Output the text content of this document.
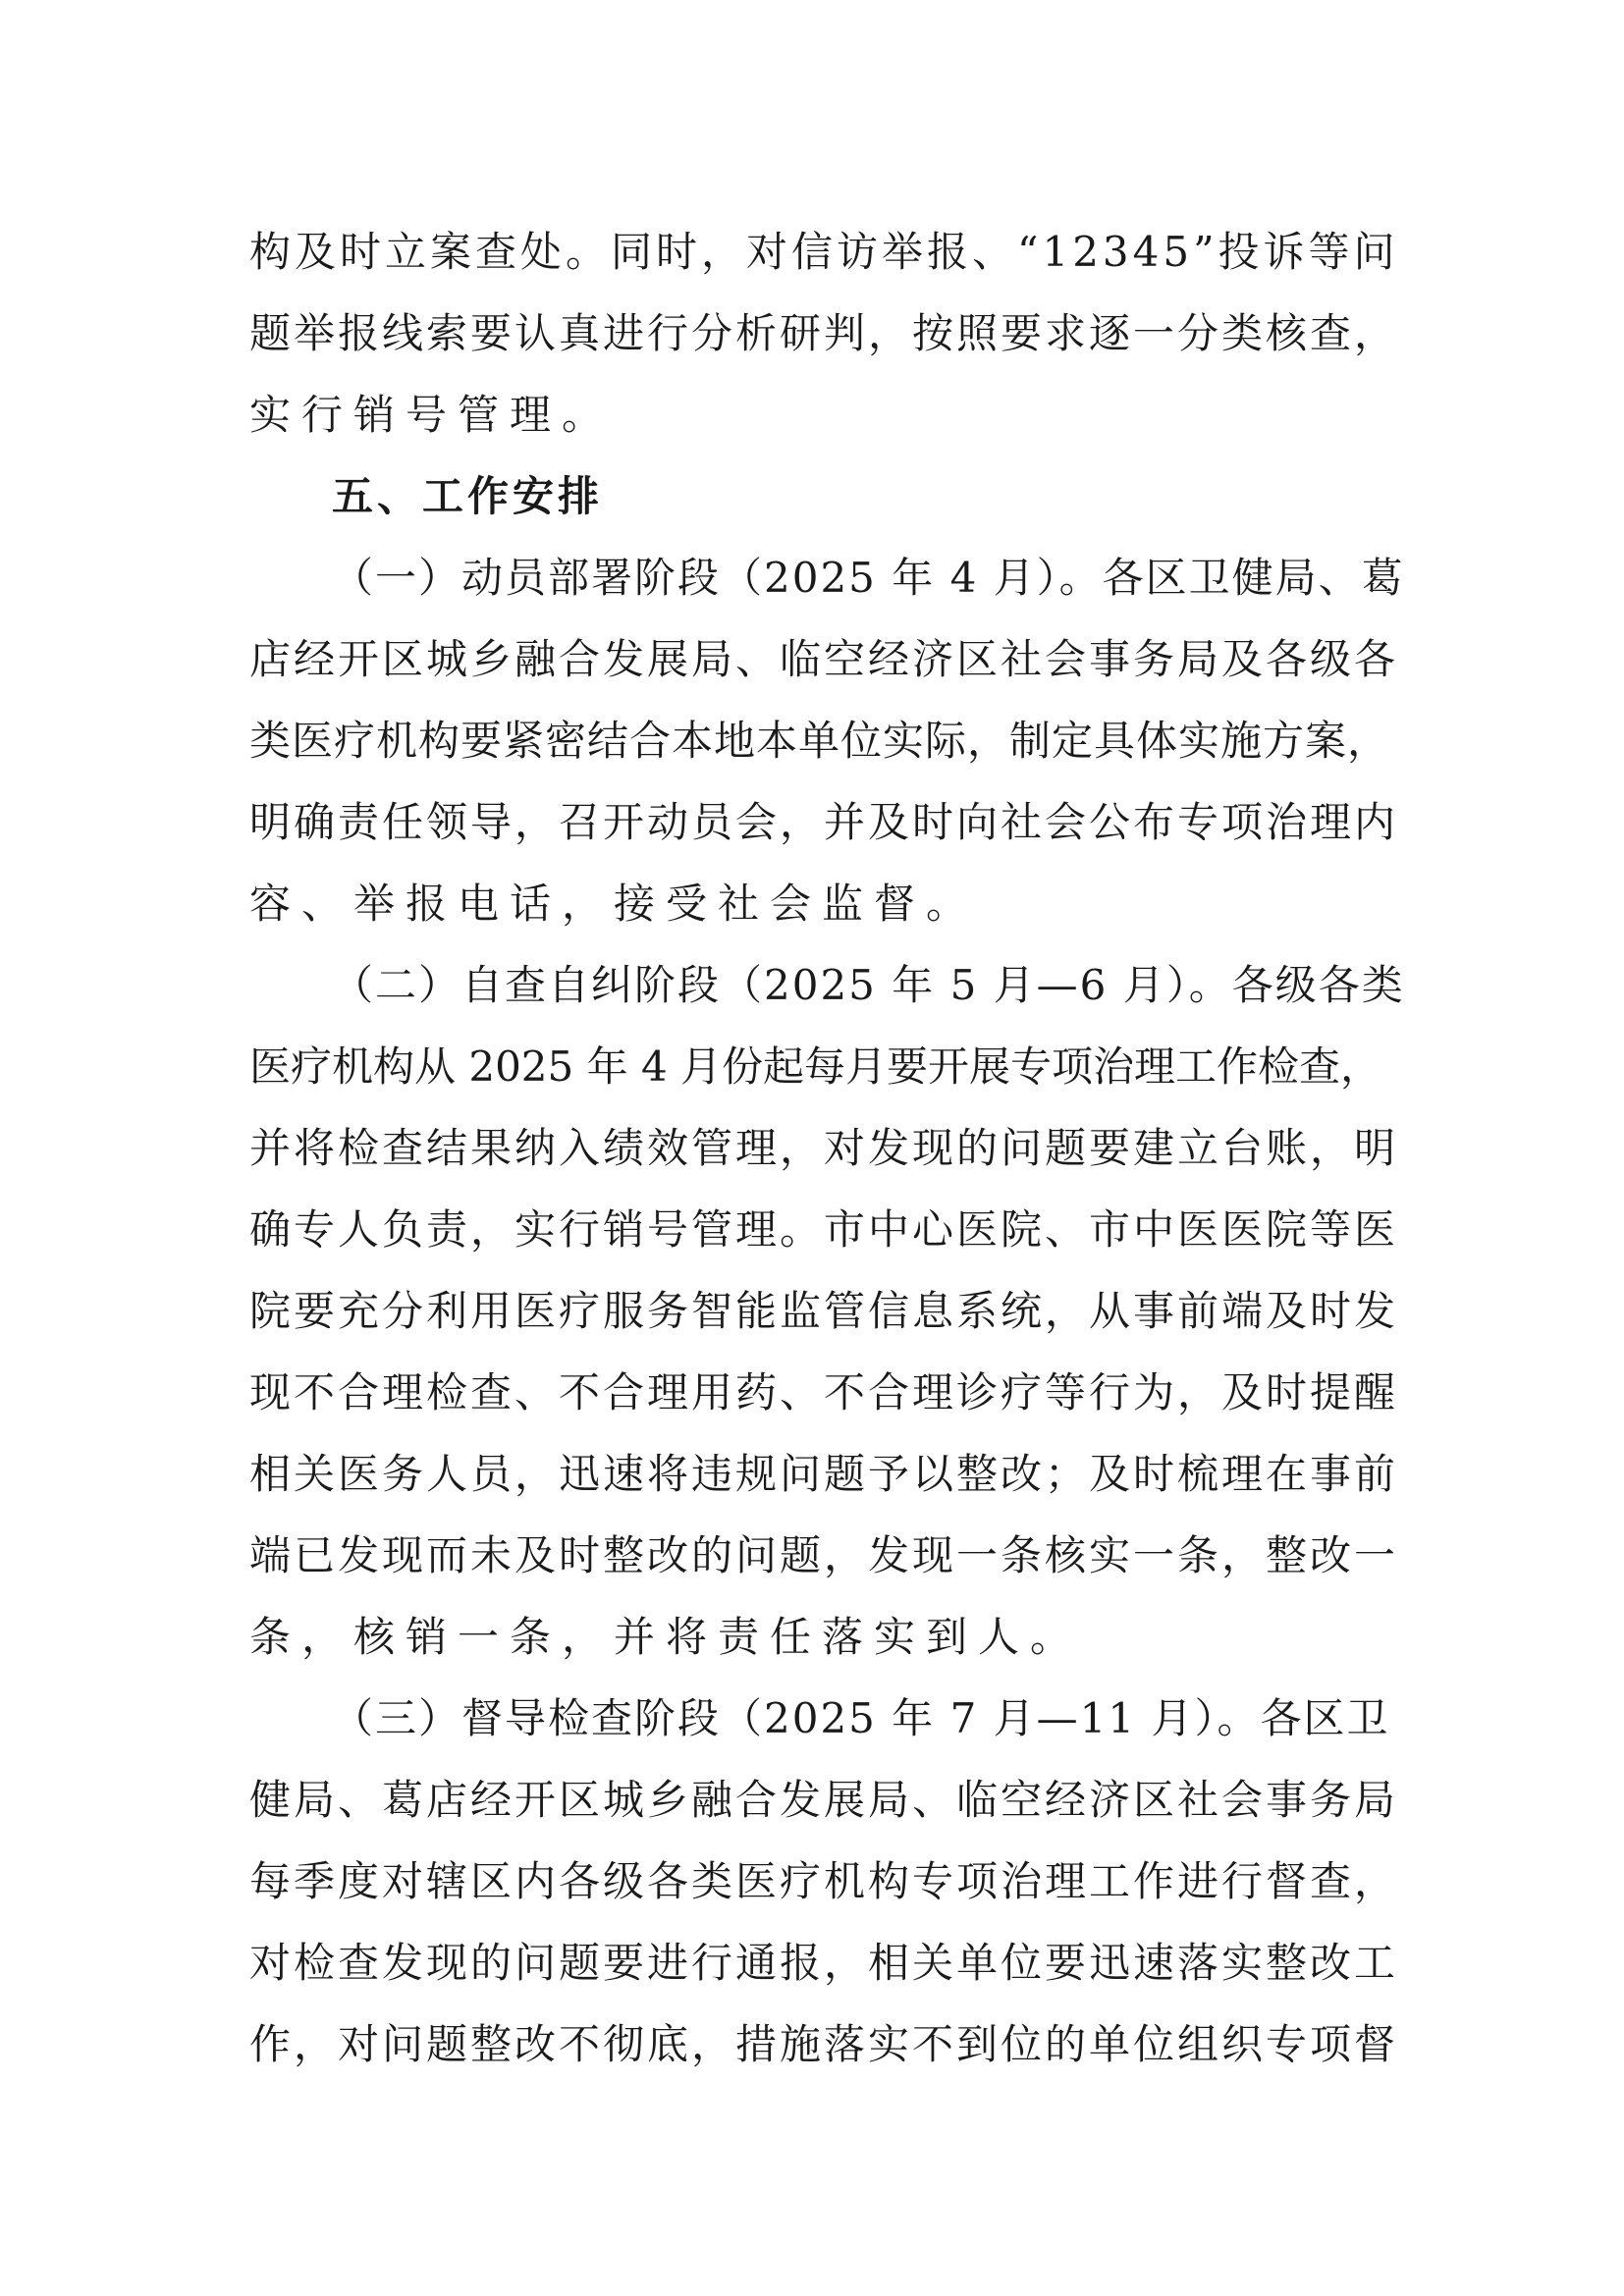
构及时立案查处。同时，对信访举报、“12345”投诉等问
题举报线索要认真进行分析研判，按照要求逐一分类核查，
实行销号管理。
五、工作安排
（一）动员部署阶段（2025 年 4 月）。各区卫健局、葛
店经开区城乡融合发展局、临空经济区社会事务局及各级各
类医疗机构要紧密结合本地本单位实际，制定具体实施方案，
明确责任领导，召开动员会，并及时向社会公布专项治理内
容、举报电话，接受社会监督。
（二）自查自纠阶段（2025 年 5 月—6 月）。各级各类
医疗机构从 2025 年 4 月份起每月要开展专项治理工作检查，
并将检查结果纳入绩效管理，对发现的问题要建立台账，明
确专人负责，实行销号管理。市中心医院、市中医医院等医
院要充分利用医疗服务智能监管信息系统，从事前端及时发
现不合理检查、不合理用药、不合理诊疗等行为，及时提醒
相关医务人员，迅速将违规问题予以整改；及时梳理在事前
端已发现而未及时整改的问题，发现一条核实一条，整改一
条，核销一条，并将责任落实到人。
（三）督导检查阶段（2025 年 7 月—11 月）。各区卫
健局、葛店经开区城乡融合发展局、临空经济区社会事务局
每季度对辖区内各级各类医疗机构专项治理工作进行督查，
对检查发现的问题要进行通报，相关单位要迅速落实整改工
作，对问题整改不彻底，措施落实不到位的单位组织专项督
